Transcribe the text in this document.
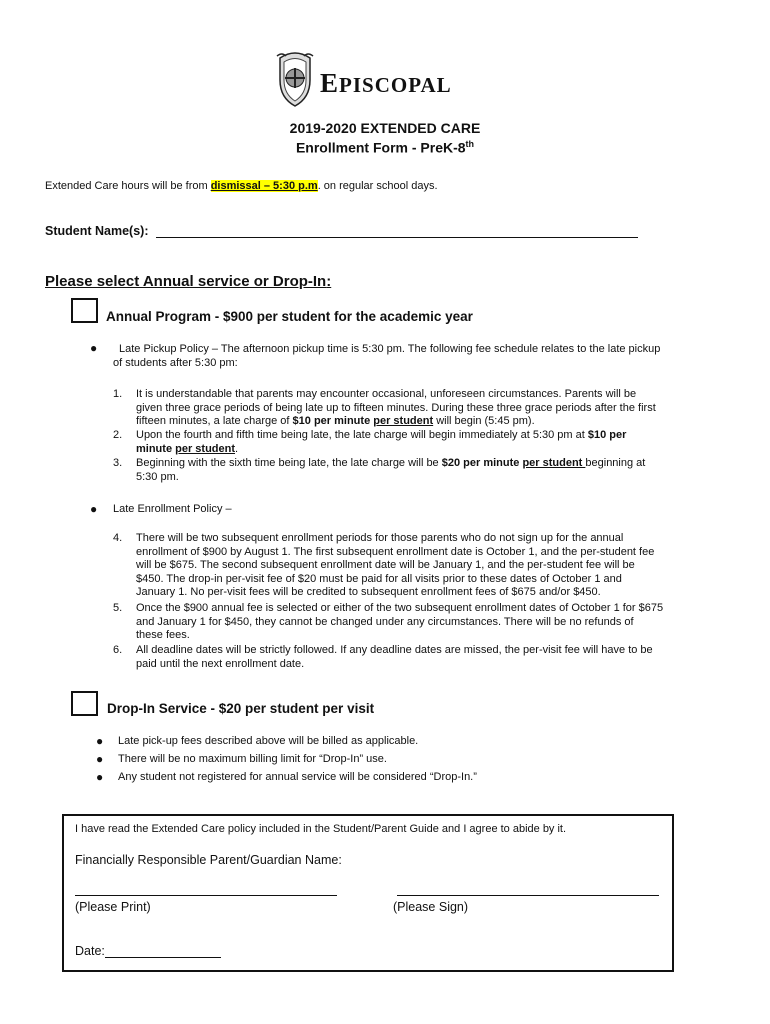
EPISCOPAL
2019-2020 EXTENDED CARE
Enrollment Form - PreK-8th
Extended Care hours will be from dismissal – 5:30 p.m. on regular school days.
Student Name(s):
Please select Annual service or Drop-In:
Annual Program - $900 per student for the academic year
●	Late Pickup Policy – The afternoon pickup time is 5:30 pm. The following fee schedule relates to the late pickup
of students after 5:30 pm:
1. It is understandable that parents may encounter occasional, unforeseen circumstances. Parents will be
given three grace periods of being late up to fifteen minutes. During these three grace periods after the first
fifteen minutes, a late charge of $10 per minute per student will begin (5:45 pm).
2. Upon the fourth and fifth time being late, the late charge will begin immediately at 5:30 pm at $10 per
minute per student.
3. Beginning with the sixth time being late, the late charge will be $20 per minute per student beginning at
5:30 pm.
● Late Enrollment Policy –
4. There will be two subsequent enrollment periods for those parents who do not sign up for the annual
enrollment of $900 by August 1. The first subsequent enrollment date is October 1, and the per-student fee
will be $675. The second subsequent enrollment date will be January 1, and the per-student fee will be
$450. The drop-in per-visit fee of $20 must be paid for all visits prior to these dates of October 1 and
January 1. No per-visit fees will be credited to subsequent enrollment fees of $675 and/or $450.
5. Once the $900 annual fee is selected or either of the two subsequent enrollment dates of October 1 for $675
and January 1 for $450, they cannot be changed under any circumstances. There will be no refunds of
these fees.
6. All deadline dates will be strictly followed. If any deadline dates are missed, the per-visit fee will have to be
paid until the next enrollment date.
Drop-In Service - $20 per student per visit
● Late pick-up fees described above will be billed as applicable.
● There will be no maximum billing limit for “Drop-In” use.
● Any student not registered for annual service will be considered “Drop-In.”
I have read the Extended Care policy included in the Student/Parent Guide and I agree to abide by it.
Financially Responsible Parent/Guardian Name:
(Please Print)	(Please Sign)
Date:
